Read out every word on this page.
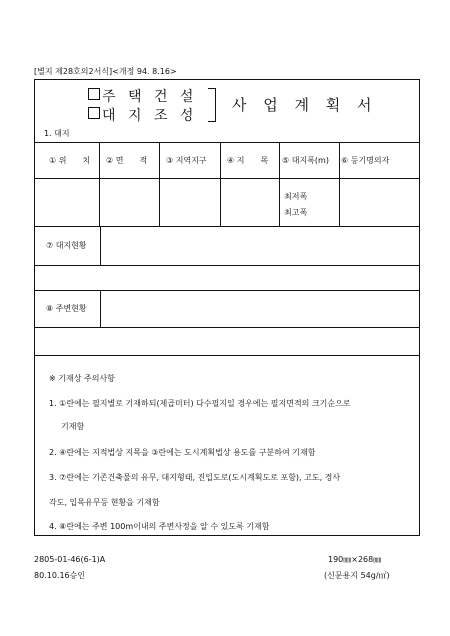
[별지 제28호의2서식]<개정 94. 8.16>
주 택 건 설
대 지 조 성
사 업 계 획 서
1. 대지
① 위　　치 ② 면　　적 ③ 지역지구	④ 지　　목 ⑤ 대지폭(m) ⑥ 등기명의자
최저폭
최고폭
⑦ 대지현황
⑧ 주변현황
※ 기재상 주의사항
1. ①란에는 필지별로 기재하되(제곱미터) 다수필지일 경우에는 필지면적의 크기순으로
기재함
2. ④란에는 지적법상 지목을 ③란에는 도시계획법상 용도를 구분하여 기재함
3. ⑦란에는 기존건축물의 유무, 대지형태, 진입도로(도시계획도로 포함), 고도, 경사
각도, 입목유무등 현황을 기재함
4. ⑧란에는 주변 100m이내의 주변사정을 알 수 있도록 기재함
2805-01-46(6-1)A
80.10.16승인
190㎜×268㎜
(신문용지 54g/㎡)
